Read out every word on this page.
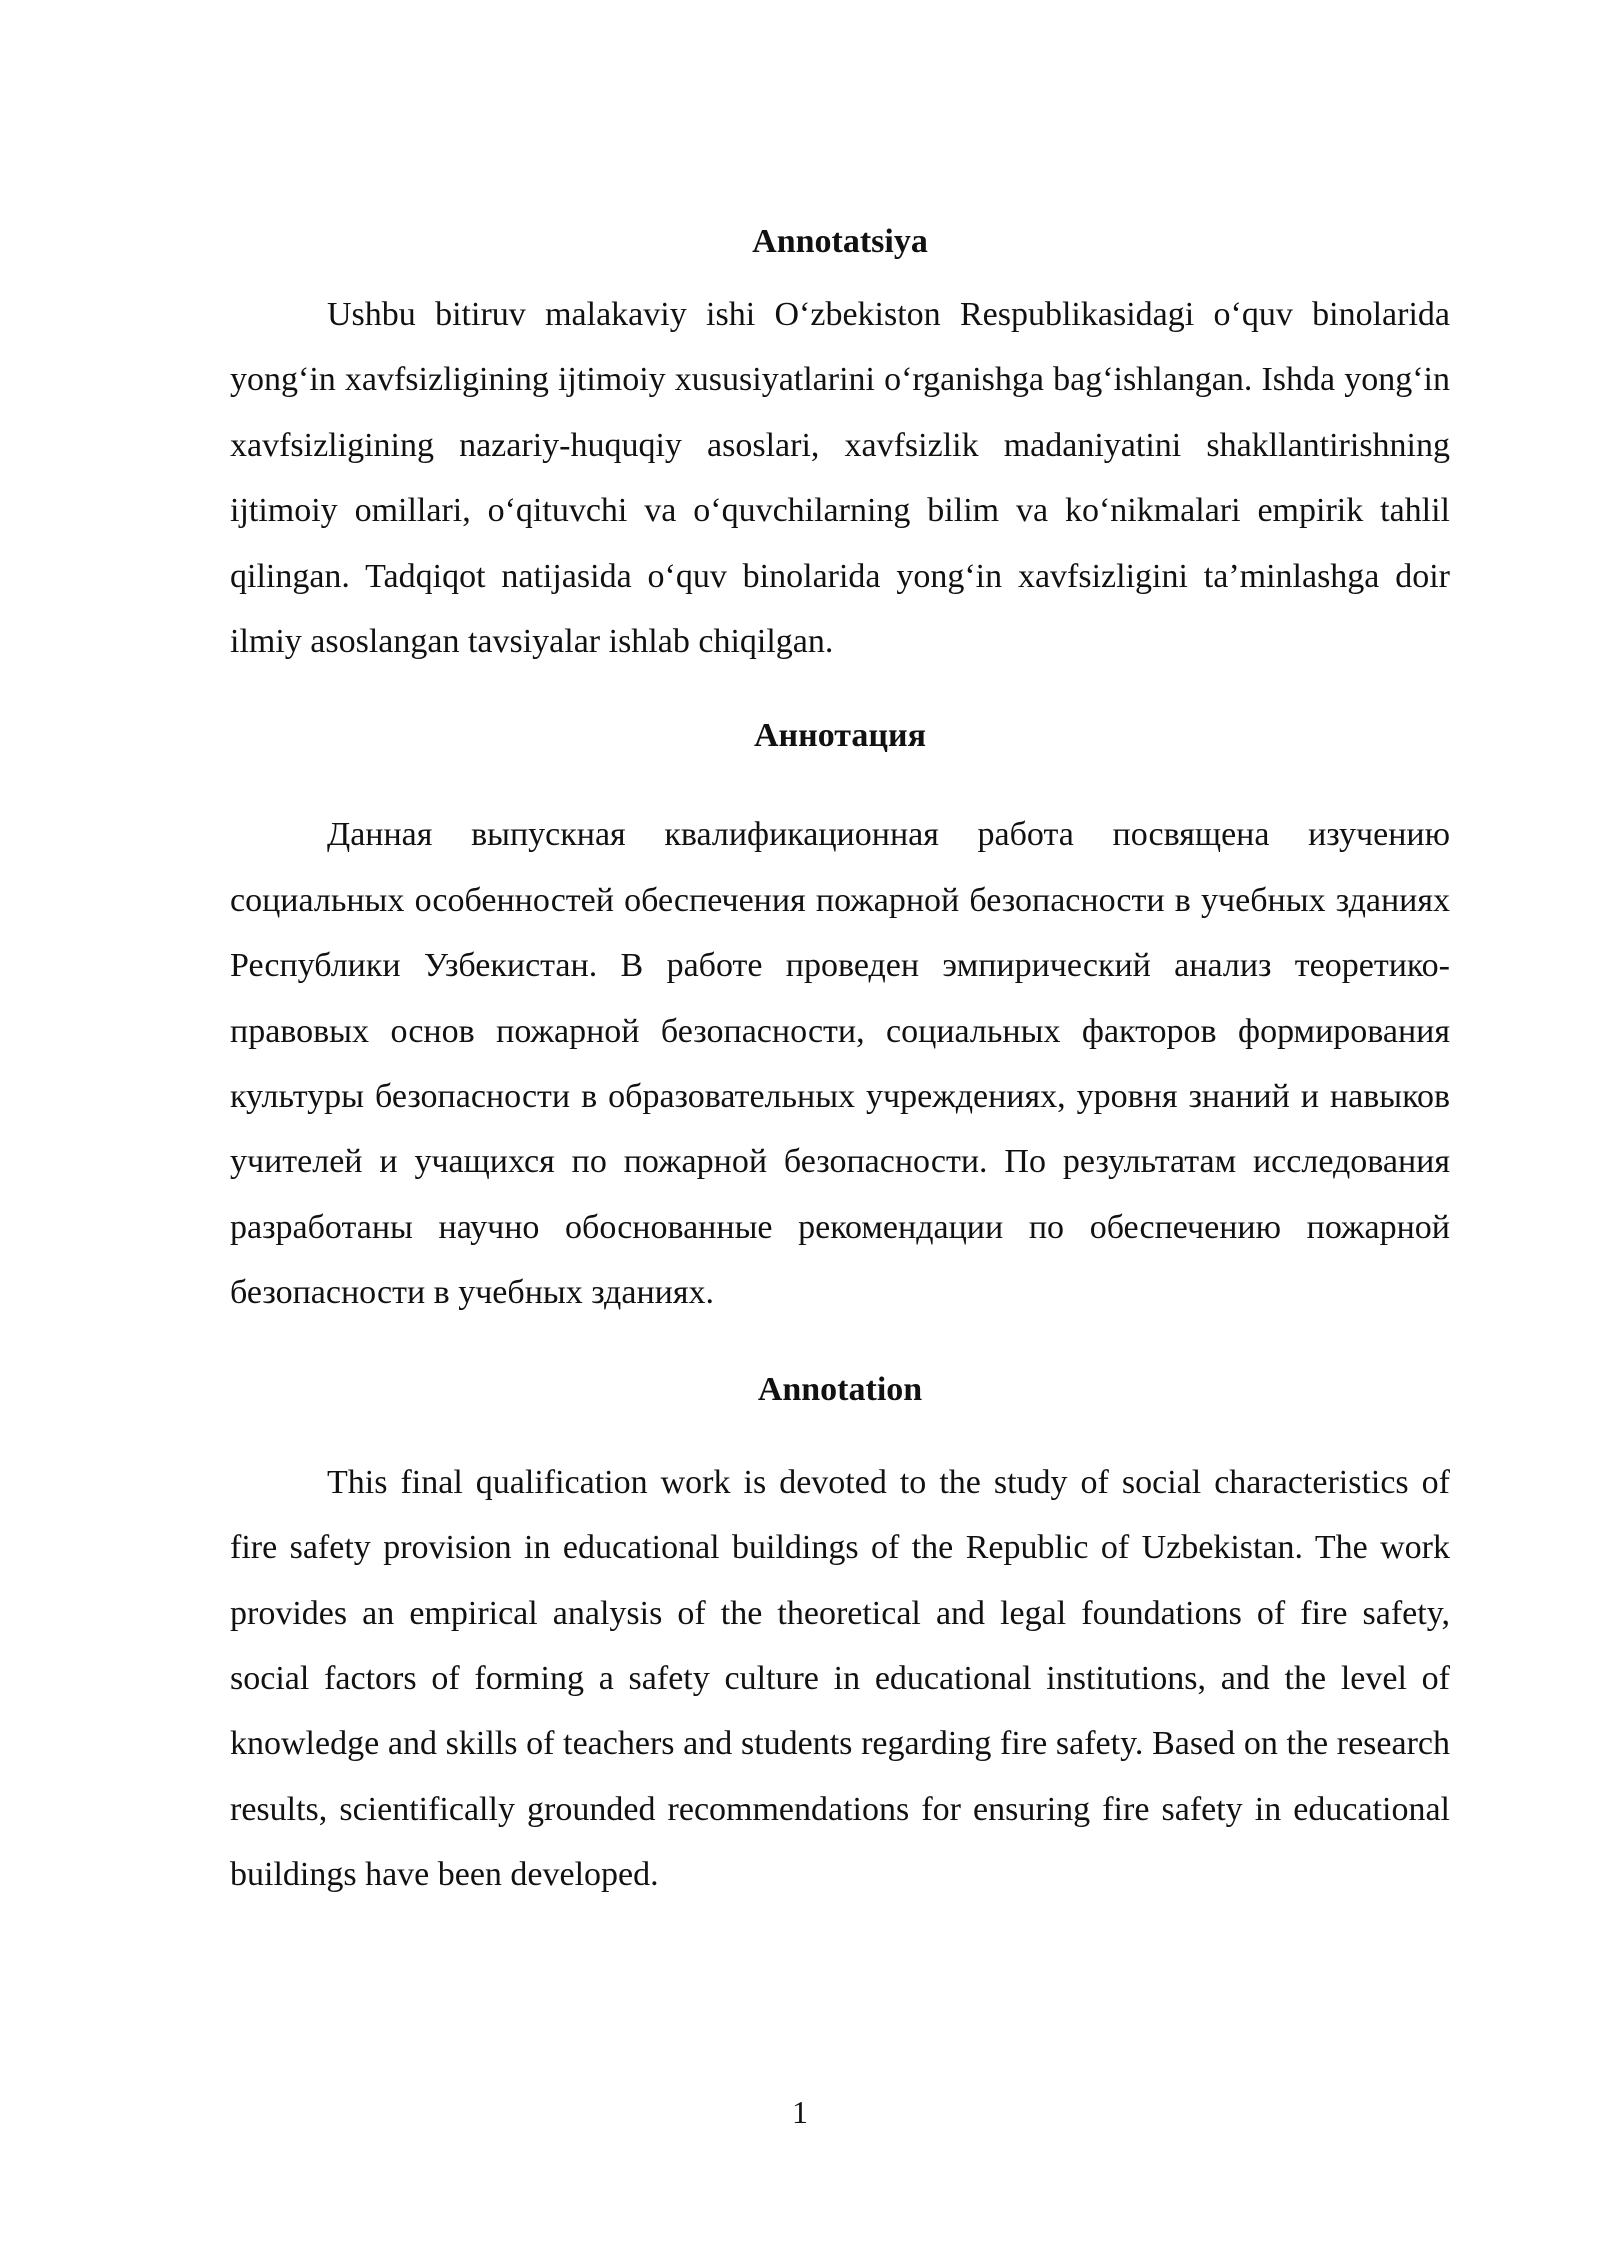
Annotatsiya

Ushbu bitiruv malakaviy ishi O‘zbekiston Respublikasidagi o‘quv binolarida yong‘in xavfsizligining ijtimoiy xususiyatlarini o‘rganishga bag‘ishlangan. Ishda yong‘in xavfsizligining nazariy-huquqiy asoslari, xavfsizlik madaniyatini shakllantirishning ijtimoiy omillari, o‘qituvchi va o‘quvchilarning bilim va ko‘nikmalari empirik tahlil qilingan. Tadqiqot natijasida o‘quv binolarida yong‘in xavfsizligini ta’minlashga doir ilmiy asoslangan tavsiyalar ishlab chiqilgan.

Аннотация

Данная выпускная квалификационная работа посвящена изучению социальных особенностей обеспечения пожарной безопасности в учебных зданиях Республики Узбекистан. В работе проведен эмпирический анализ теоретико-правовых основ пожарной безопасности, социальных факторов формирования культуры безопасности в образовательных учреждениях, уровня знаний и навыков учителей и учащихся по пожарной безопасности. По результатам исследования разработаны научно обоснованные рекомендации по обеспечению пожарной безопасности в учебных зданиях.

Annotation

This final qualification work is devoted to the study of social characteristics of fire safety provision in educational buildings of the Republic of Uzbekistan. The work provides an empirical analysis of the theoretical and legal foundations of fire safety, social factors of forming a safety culture in educational institutions, and the level of knowledge and skills of teachers and students regarding fire safety. Based on the research results, scientifically grounded recommendations for ensuring fire safety in educational buildings have been developed.

1
